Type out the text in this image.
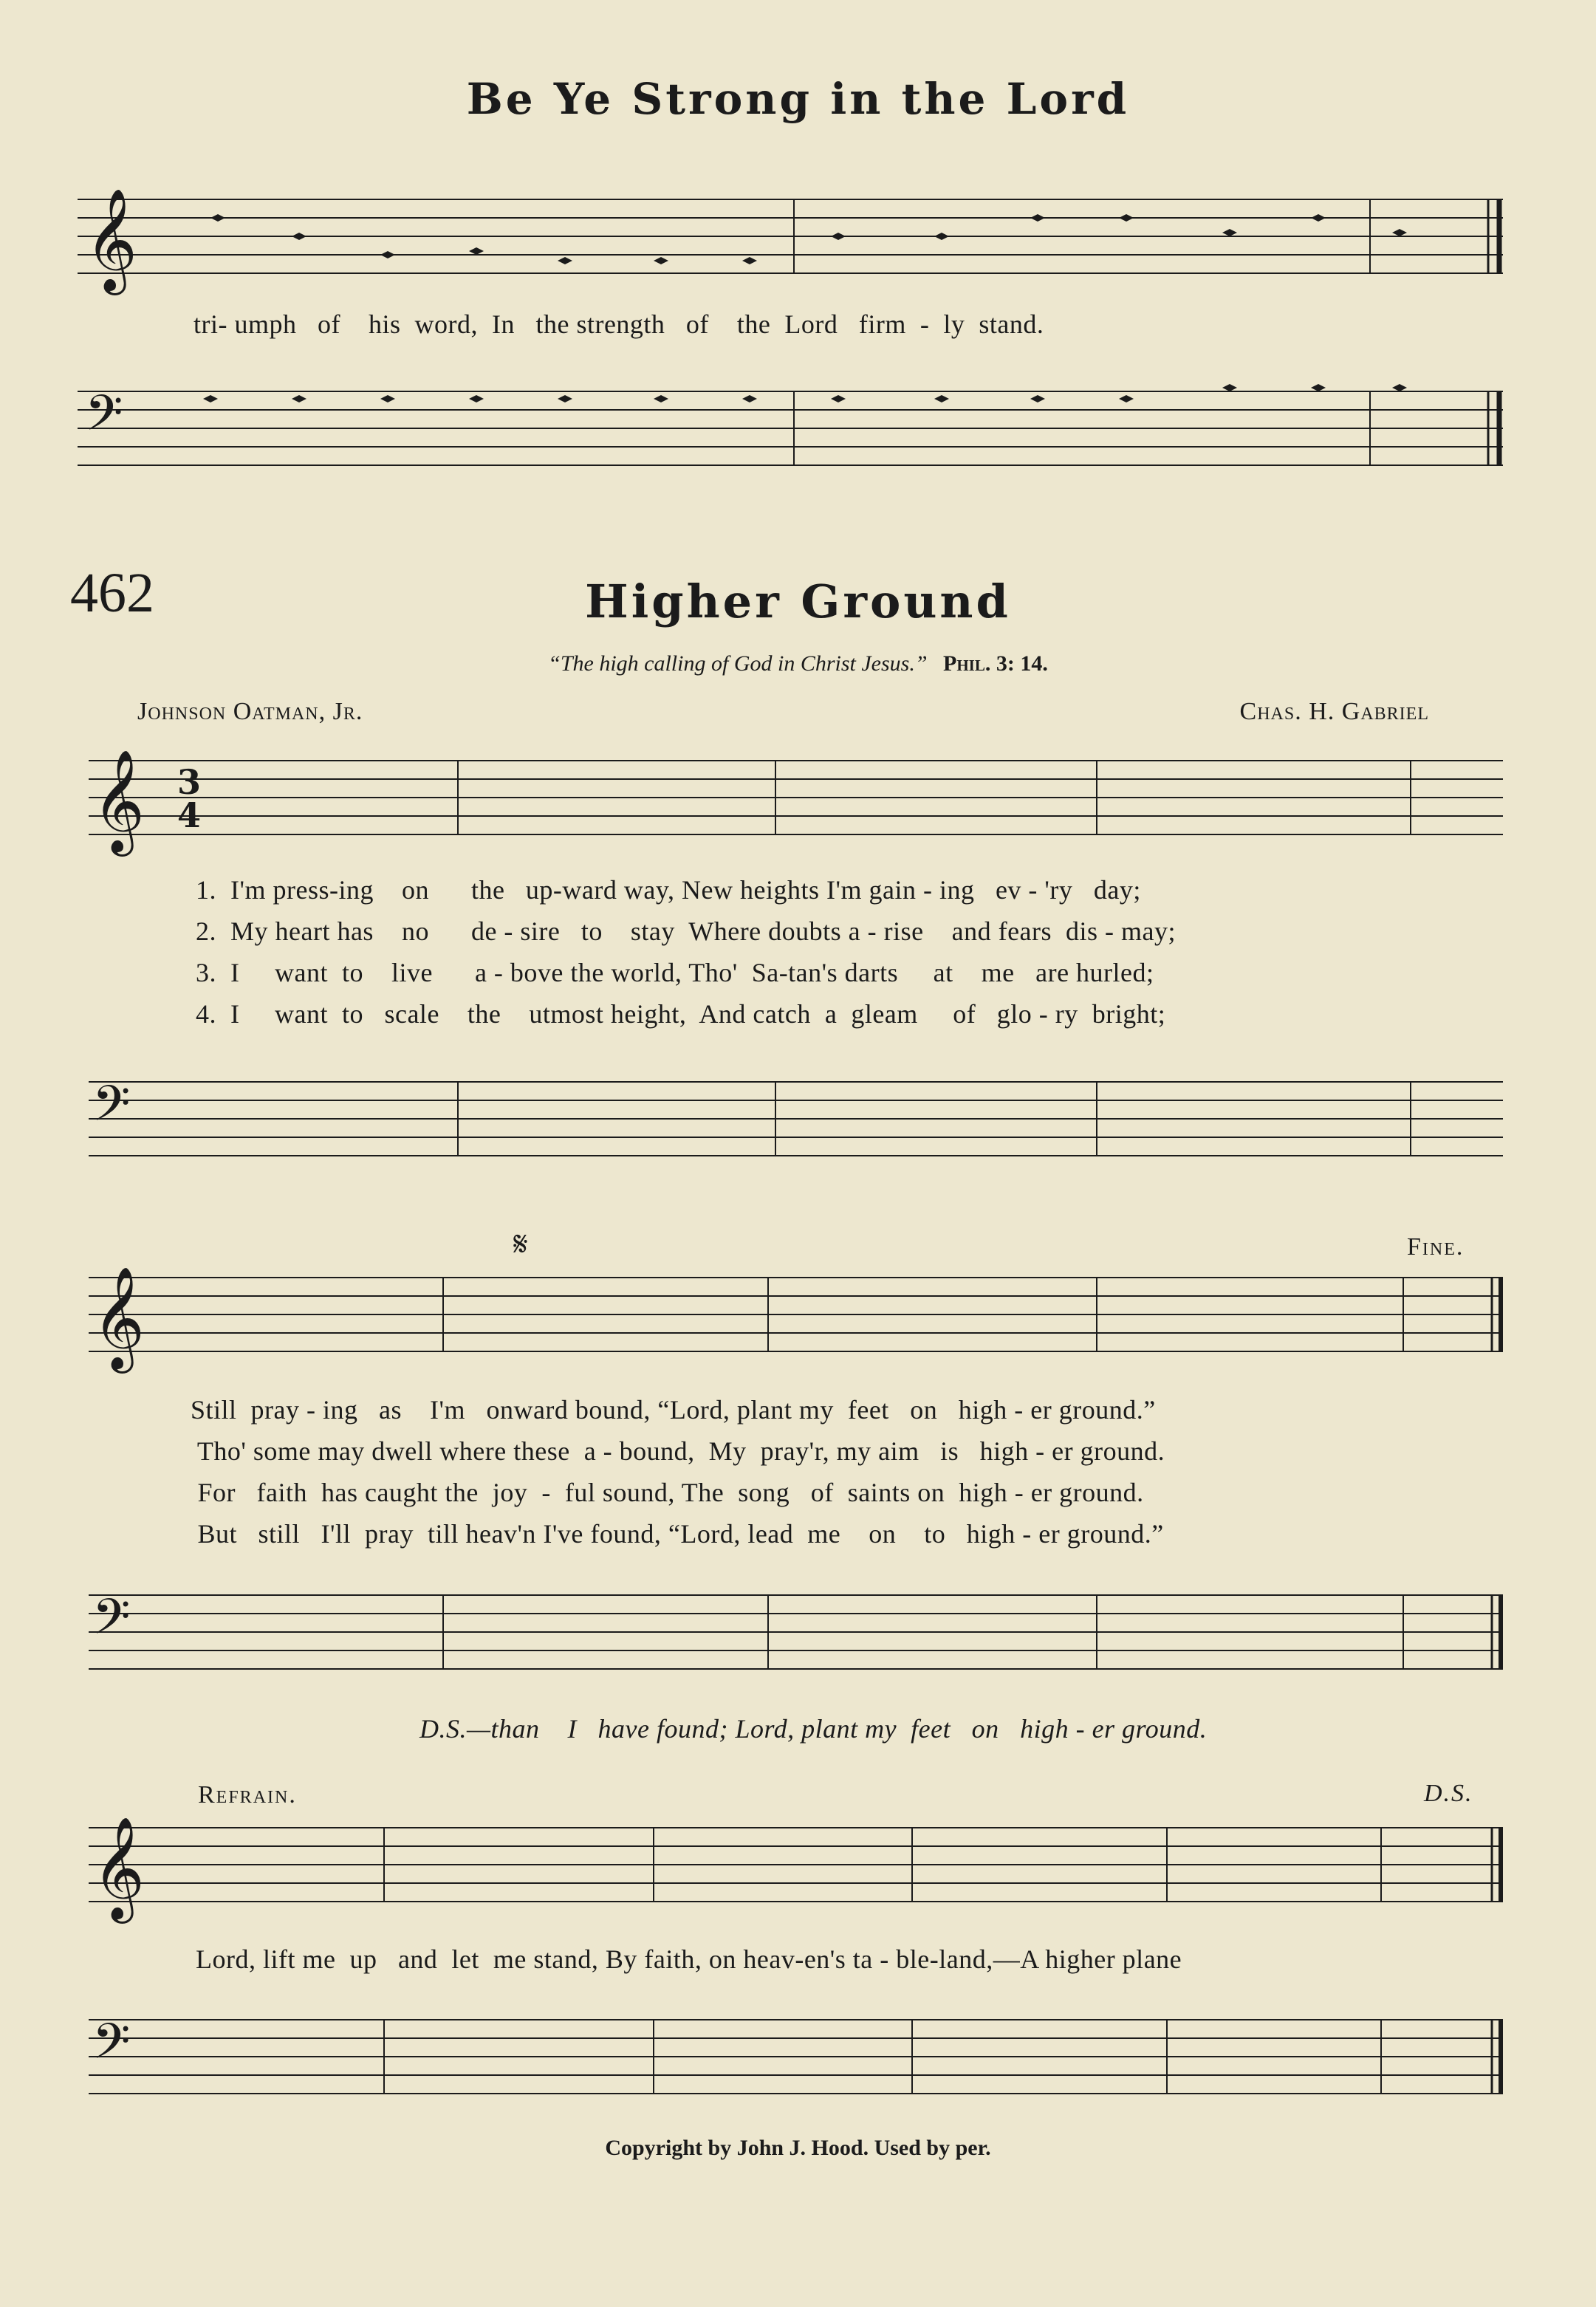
Be Ye Strong in the Lord
𝄞
tri- umph   of    his  word,  In   the strength   of    the  Lord   firm  -  ly  stand.
𝄢
462	Higher Ground
“The high calling of God in Christ Jesus.” Phil. 3: 14.
Johnson Oatman, Jr.	Chas. H. Gabriel
𝄞 3
4
1.  I'm press-ing    on      the   up-ward way, New heights I'm gain - ing   ev - 'ry   day;
2.  My heart has    no      de - sire   to    stay  Where doubts a - rise    and fears  dis - may;
3.  I     want  to    live      a - bove the world, Tho'  Sa-tan's darts     at    me   are hurled;
4.  I     want  to   scale    the    utmost height,  And catch  a  gleam     of   glo - ry  bright;
𝄢
𝄋	Fine.
𝄞
Still  pray - ing   as    I'm   onward bound, “Lord, plant my  feet   on   high - er ground.”
Tho' some may dwell where these  a - bound,  My  pray'r, my aim   is   high - er ground.
For   faith  has caught the  joy  -  ful sound, The  song   of  saints on  high - er ground.
But   still   I'll  pray  till heav'n I've found, “Lord, lead  me    on    to   high - er ground.”
𝄢
D.S.—than    I   have found; Lord, plant my  feet   on   high - er ground.
Refrain.	D.S.
𝄞
Lord, lift me  up   and  let  me stand, By faith, on heav-en's ta - ble-land,—A higher plane
𝄢
Copyright by John J. Hood. Used by per.
